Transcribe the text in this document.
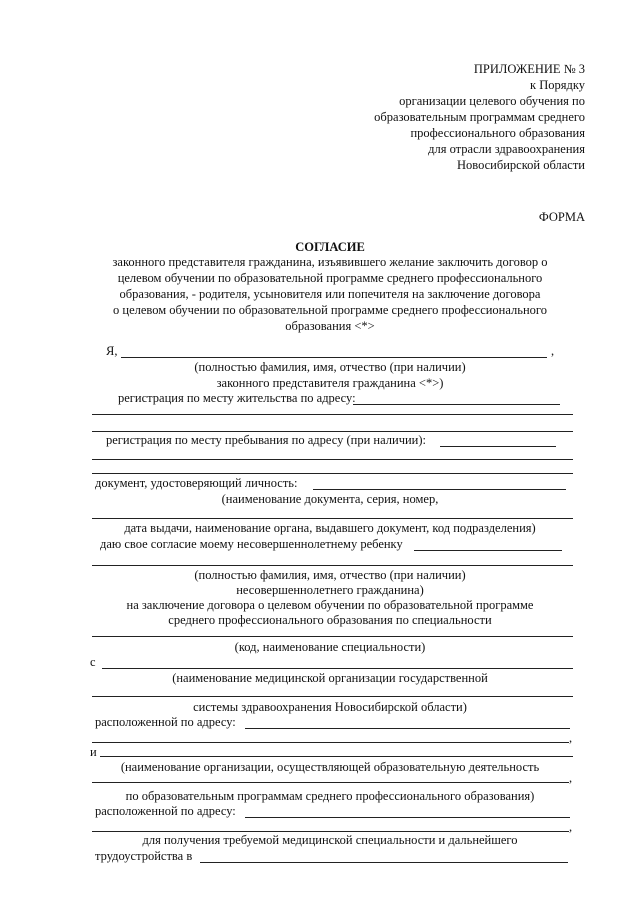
ПРИЛОЖЕНИЕ № 3
к Порядку
организации целевого обучения по
образовательным программам среднего
профессионального образования
для отрасли здравоохранения
Новосибирской области
ФОРМА
СОГЛАСИЕ
законного представителя гражданина, изъявившего желание заключить договор о
целевом обучении по образовательной программе среднего профессионального
образования, - родителя, усыновителя или попечителя на заключение договора
о целевом обучении по образовательной программе среднего профессионального
образования <*>
Я,	,
(полностью фамилия, имя, отчество (при наличии)
законного представителя гражданина <*>)
регистрация по месту жительства по адресу:
регистрация по месту пребывания по адресу (при наличии):
документ, удостоверяющий личность:
(наименование документа, серия, номер,
дата выдачи, наименование органа, выдавшего документ, код подразделения)
даю свое согласие моему несовершеннолетнему ребенку
(полностью фамилия, имя, отчество (при наличии)
несовершеннолетнего гражданина)
на заключение договора о целевом обучении по образовательной программе
среднего профессионального образования по специальности
(код, наименование специальности)
с
(наименование медицинской организации государственной
системы здравоохранения Новосибирской области)
расположенной по адресу:
,
и
(наименование организации, осуществляющей образовательную деятельность
,
по образовательным программам среднего профессионального образования)
расположенной по адресу:
,
для получения требуемой медицинской специальности и дальнейшего
трудоустройства в
